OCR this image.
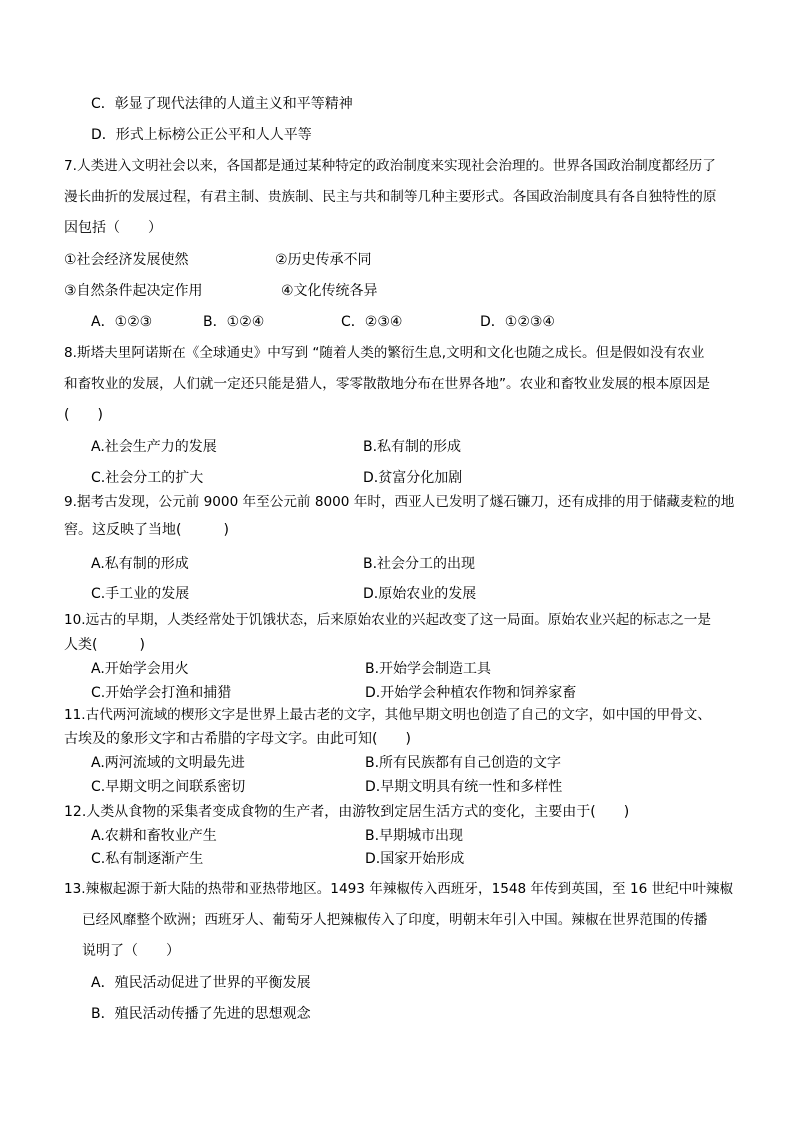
C．彰显了现代法律的人道主义和平等精神
D．形式上标榜公正公平和人人平等
7.人类进入文明社会以来，各国都是通过某种特定的政治制度来实现社会治理的。世界各国政治制度都经历了
漫长曲折的发展过程，有君主制、贵族制、民主与共和制等几种主要形式。各国政治制度具有各自独特性的原
因包括（　　）
①社会经济发展使然	②历史传承不同
③自然条件起决定作用	④文化传统各异
A．①②③	B．①②④	C．②③④	D．①②③④
8.斯塔夫里阿诺斯在《全球通史》中写到 “随着人类的繁衍生息,文明和文化也随之成长。但是假如没有农业
和畜牧业的发展，人们就一定还只能是猎人，零零散散地分布在世界各地”。农业和畜牧业发展的根本原因是
(　　)
A.社会生产力的发展	B.私有制的形成
C.社会分工的扩大	D.贫富分化加剧
9.据考古发现，公元前 9000 年至公元前 8000 年时，西亚人已发明了燧石镰刀，还有成排的用于储藏麦粒的地
窖。这反映了当地(　　　)
A.私有制的形成	B.社会分工的出现
C.手工业的发展	D.原始农业的发展
10.远古的早期，人类经常处于饥饿状态，后来原始农业的兴起改变了这一局面。原始农业兴起的标志之一是
人类(　　　)
A.开始学会用火	B.开始学会制造工具
C.开始学会打渔和捕猎	D.开始学会种植农作物和饲养家畜
11.古代两河流域的楔形文字是世界上最古老的文字，其他早期文明也创造了自己的文字，如中国的甲骨文、
古埃及的象形文字和古希腊的字母文字。由此可知(　　)
A.两河流域的文明最先进	B.所有民族都有自己创造的文字
C.早期文明之间联系密切	D.早期文明具有统一性和多样性
12.人类从食物的采集者变成食物的生产者，由游牧到定居生活方式的变化，主要由于(　　)
A.农耕和畜牧业产生	B.早期城市出现
C.私有制逐渐产生	D.国家开始形成
13.辣椒起源于新大陆的热带和亚热带地区。1493 年辣椒传入西班牙，1548 年传到英国，至 16 世纪中叶辣椒
已经风靡整个欧洲；西班牙人、葡萄牙人把辣椒传入了印度，明朝末年引入中国。辣椒在世界范围的传播
说明了（　　）
A．殖民活动促进了世界的平衡发展
B．殖民活动传播了先进的思想观念
